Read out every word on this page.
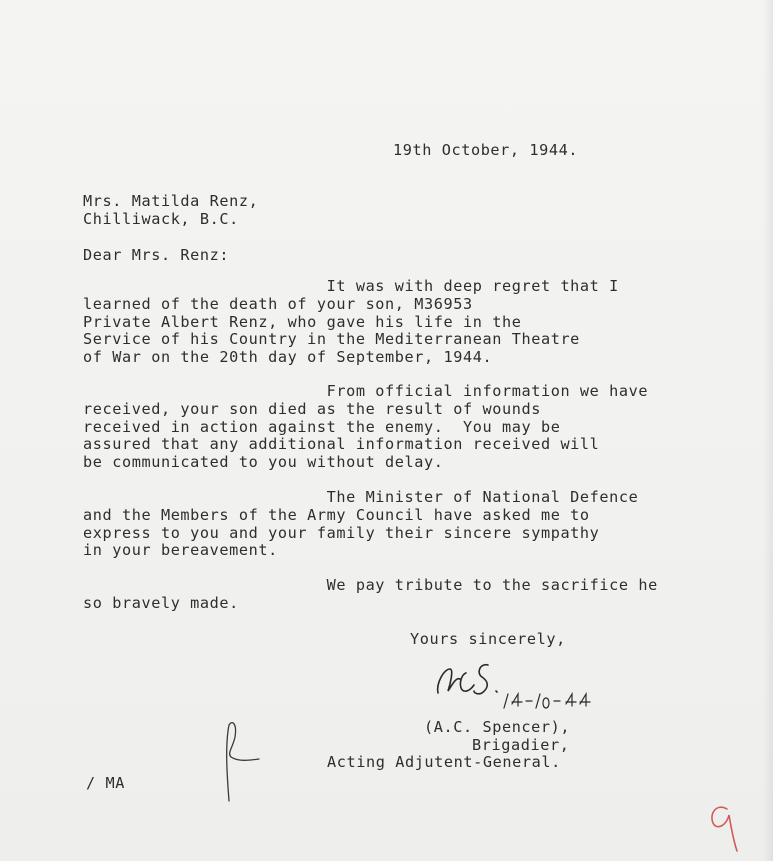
19th October, 1944.
Mrs. Matilda Renz,
Chilliwack, B.C.
Dear Mrs. Renz:
It was with deep regret that I
learned of the death of your son, M36953
Private Albert Renz, who gave his life in the
Service of his Country in the Mediterranean Theatre
of War on the 20th day of September, 1944.
From official information we have
received, your son died as the result of wounds
received in action against the enemy.  You may be
assured that any additional information received will
be communicated to you without delay.
The Minister of National Defence
and the Members of the Army Council have asked me to
express to you and your family their sincere sympathy
in your bereavement.
We pay tribute to the sacrifice he
so bravely made.
Yours sincerely,
(A.C. Spencer),
Brigadier,
Acting Adjutent-General.
/ MA
